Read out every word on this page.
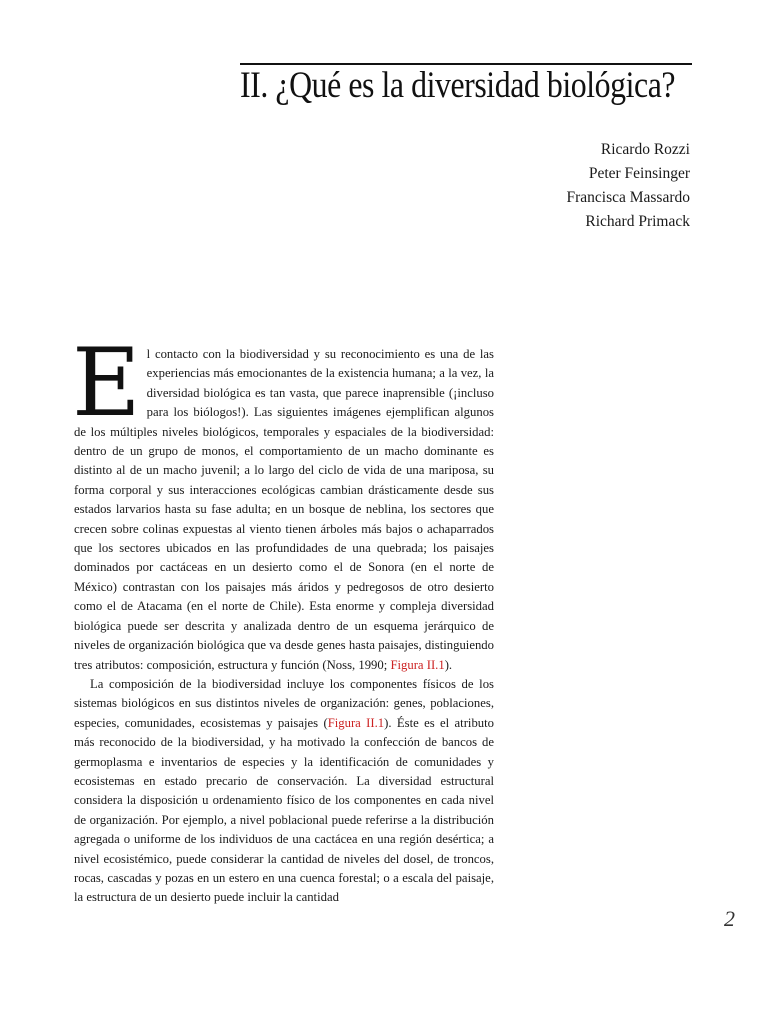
II. ¿Qué es la diversidad biológica?
Ricardo Rozzi
Peter Feinsinger
Francisca Massardo
Richard Primack

El contacto con la biodiversidad y su reconocimiento es una de las experiencias más emocionantes de la existencia humana; a la vez, la diversidad biológica es tan vasta, que parece inaprensible (¡incluso para los biólogos!). Las siguientes imágenes ejemplifican algunos de los múltiples niveles biológicos, temporales y espaciales de la biodiversidad: dentro de un grupo de monos, el comportamiento de un macho dominante es distinto al de un macho juvenil; a lo largo del ciclo de vida de una mariposa, su forma corporal y sus interacciones ecológicas cambian drásticamente desde sus estados larvarios hasta su fase adulta; en un bosque de neblina, los sectores que crecen sobre colinas expuestas al viento tienen árboles más bajos o achaparrados que los sectores ubicados en las profundidades de una quebrada; los paisajes dominados por cactáceas en un desierto como el de Sonora (en el norte de México) contrastan con los paisajes más áridos y pedregosos de otro desierto como el de Atacama (en el norte de Chile). Esta enorme y compleja diversidad biológica puede ser descrita y analizada dentro de un esquema jerárquico de niveles de organización biológica que va desde genes hasta paisajes, distinguiendo tres atributos: composición, estructura y función (Noss, 1990; Figura II.1).

La composición de la biodiversidad incluye los componentes físicos de los sistemas biológicos en sus distintos niveles de organización: genes, poblaciones, especies, comunidades, ecosistemas y paisajes (Figura II.1). Éste es el atributo más reconocido de la biodiversidad, y ha motivado la confección de bancos de germoplasma e inventarios de especies y la identificación de comunidades y ecosistemas en estado precario de conservación. La diversidad estructural considera la disposición u ordenamiento físico de los componentes en cada nivel de organización. Por ejemplo, a nivel poblacional puede referirse a la distribución agregada o uniforme de los individuos de una cactácea en una región desértica; a nivel ecosistémico, puede considerar la cantidad de niveles del dosel, de troncos, rocas, cascadas y pozas en un estero en una cuenca forestal; o a escala del paisaje, la estructura de un desierto puede incluir la cantidad

2
